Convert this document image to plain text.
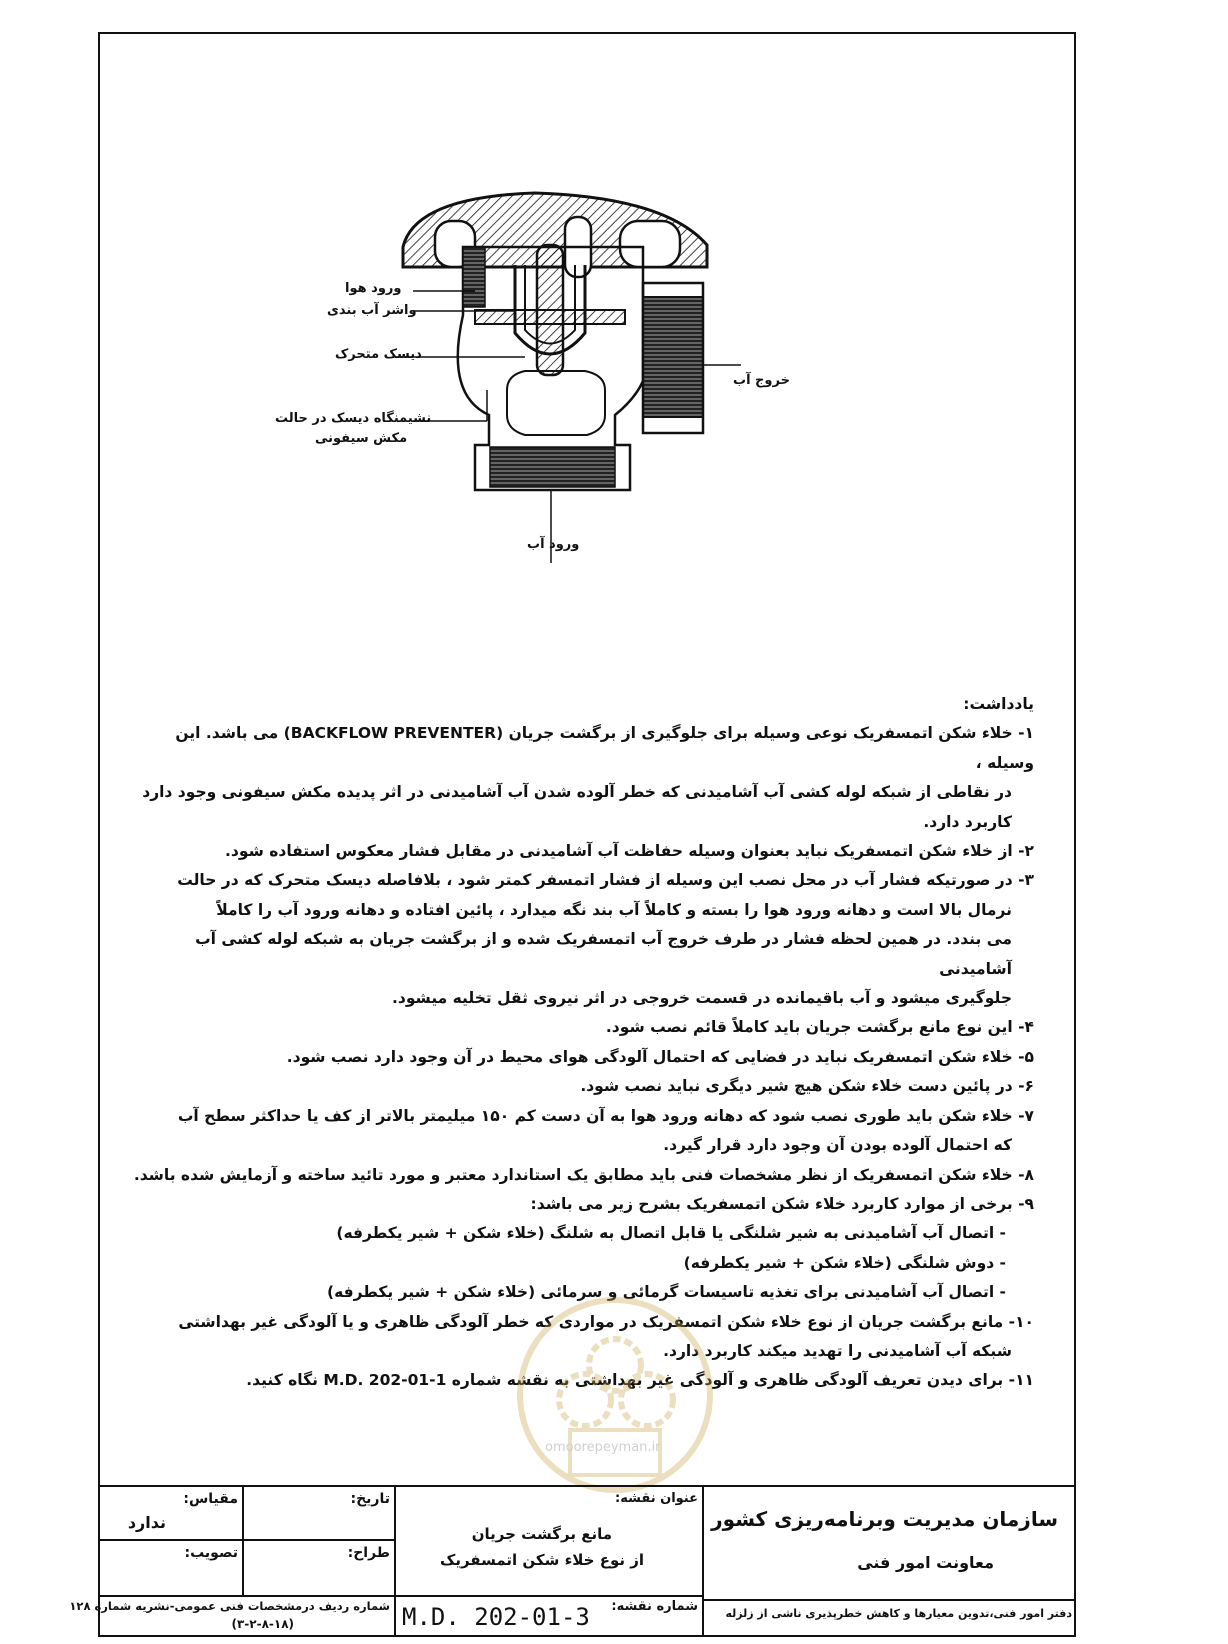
ورود هوا
واشر آب بندی
دیسک متحرک
نشیمنگاه دیسک در حالت
مکش سیفونی
خروج آب
ورود آب

یادداشت:

۱- خلاء شکن اتمسفریک نوعی وسیله برای جلوگیری از برگشت جریان (BACKFLOW PREVENTER) می باشد. این وسیله ،

در نقاطی از شبکه لوله کشی آب آشامیدنی که خطر آلوده شدن آب آشامیدنی در اثر پدیده مکش سیفونی وجود دارد

کاربرد دارد.

۲- از خلاء شکن اتمسفریک نباید بعنوان وسیله حفاظت آب آشامیدنی در مقابل فشار معکوس استفاده شود.

۳- در صورتیکه فشار آب در محل نصب این وسیله از فشار اتمسفر کمتر شود ، بلافاصله دیسک متحرک که در حالت

نرمال بالا است و دهانه ورود هوا را بسته و کاملاً آب بند نگه میدارد ، پائین افتاده و دهانه ورود آب را کاملاً

می بندد. در همین لحظه فشار در طرف خروج آب اتمسفریک شده و از برگشت جریان به شبکه لوله کشی آب آشامیدنی

جلوگیری میشود و آب باقیمانده در قسمت خروجی در اثر نیروی ثقل تخلیه میشود.

۴- این نوع مانع برگشت جریان باید کاملاً قائم نصب شود.

۵- خلاء شکن اتمسفریک نباید در فضایی که احتمال آلودگی هوای محیط در آن وجود دارد نصب شود.

۶- در پائین دست خلاء شکن هیچ شیر دیگری نباید نصب شود.

۷- خلاء شکن باید طوری نصب شود که دهانه ورود هوا به آن دست کم ۱۵۰ میلیمتر بالاتر از کف یا حداکثر سطح آب

که احتمال آلوده بودن آن وجود دارد قرار گیرد.

۸- خلاء شکن اتمسفریک از نظر مشخصات فنی باید مطابق یک استاندارد معتبر و مورد تائید ساخته و آزمایش شده باشد.

۹- برخی از موارد کاربرد خلاء شکن اتمسفریک بشرح زیر می باشد:

- اتصال آب آشامیدنی به شیر شلنگی یا قابل اتصال به شلنگ (خلاء شکن + شیر یکطرفه)

- دوش شلنگی (خلاء شکن + شیر یکطرفه)

- اتصال آب آشامیدنی برای تغذیه تاسیسات گرمائی و سرمائی (خلاء شکن + شیر یکطرفه)

۱۰- مانع برگشت جریان از نوع خلاء شکن اتمسفریک در مواردی که خطر آلودگی ظاهری و یا آلودگی غیر بهداشتی

شبکه آب آشامیدنی را تهدید میکند کاربرد دارد.

۱۱- برای دیدن تعریف آلودگی ظاهری و آلودگی غیر بهداشتی به نقشه شماره M.D. 202-01-1 نگاه کنید.

omoorepeyman.ir
سازمان مدیریت وبرنامه‌ریزی کشور
معاونت امور فنی
دفتر امور فنی،تدوین معیارها و کاهش خطرپذیری ناشی از زلزله
عنوان نقشه:
مانع برگشت جریان
از نوع خلاء شکن اتمسفریک
شماره نقشه:
M.D. 202-01-3
تاریخ:
طراح:
مقیاس:
ندارد
تصویب:
شماره ردیف درمشخصات فنی عمومی-نشریه شماره ۱۲۸
(۳-۲-۸-۱۸)
